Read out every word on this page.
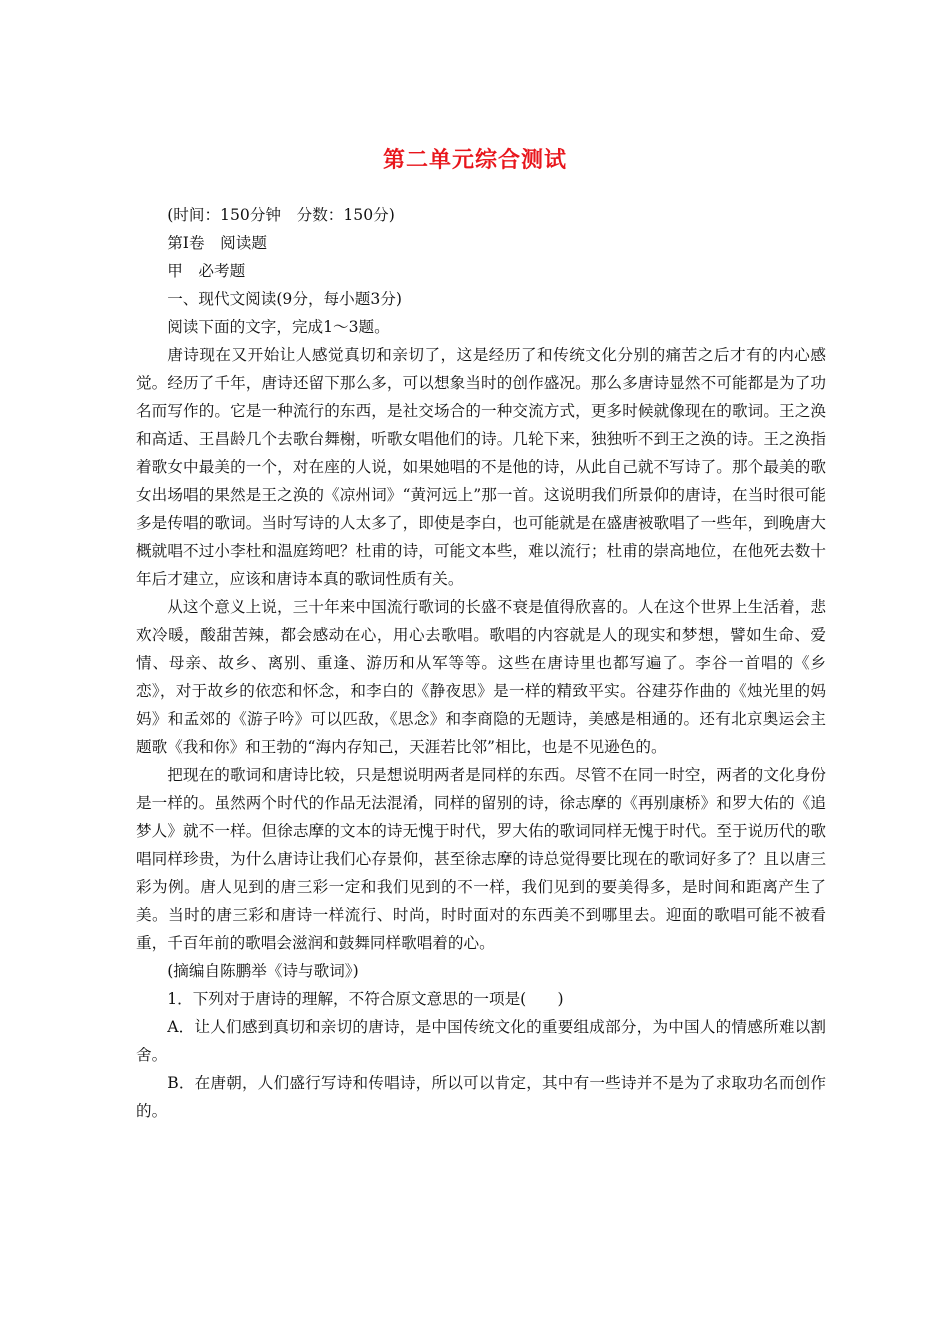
第二单元综合测试

(时间：150分钟 分数：150分)

第Ⅰ卷 阅读题

甲 必考题

一、现代文阅读(9分，每小题3分)

阅读下面的文字，完成1～3题。

唐诗现在又开始让人感觉真切和亲切了，这是经历了和传统文化分别的痛苦之后才有的内心感觉。经历了千年，唐诗还留下那么多，可以想象当时的创作盛况。那么多唐诗显然不可能都是为了功名而写作的。它是一种流行的东西，是社交场合的一种交流方式，更多时候就像现在的歌词。王之涣和高适、王昌龄几个去歌台舞榭，听歌女唱他们的诗。几轮下来，独独听不到王之涣的诗。王之涣指着歌女中最美的一个，对在座的人说，如果她唱的不是他的诗，从此自己就不写诗了。那个最美的歌女出场唱的果然是王之涣的《凉州词》“黄河远上”那一首。这说明我们所景仰的唐诗，在当时很可能多是传唱的歌词。当时写诗的人太多了，即使是李白，也可能就是在盛唐被歌唱了一些年，到晚唐大概就唱不过小李杜和温庭筠吧？杜甫的诗，可能文本些，难以流行；杜甫的崇高地位，在他死去数十年后才建立，应该和唐诗本真的歌词性质有关。

从这个意义上说，三十年来中国流行歌词的长盛不衰是值得欣喜的。人在这个世界上生活着，悲欢冷暖，酸甜苦辣，都会感动在心，用心去歌唱。歌唱的内容就是人的现实和梦想，譬如生命、爱情、母亲、故乡、离别、重逢、游历和从军等等。这些在唐诗里也都写遍了。李谷一首唱的《乡恋》，对于故乡的依恋和怀念，和李白的《静夜思》是一样的精致平实。谷建芬作曲的《烛光里的妈妈》和孟郊的《游子吟》可以匹敌，《思念》和李商隐的无题诗，美感是相通的。还有北京奥运会主题歌《我和你》和王勃的“海内存知己，天涯若比邻”相比，也是不见逊色的。

把现在的歌词和唐诗比较，只是想说明两者是同样的东西。尽管不在同一时空，两者的文化身份是一样的。虽然两个时代的作品无法混淆，同样的留别的诗，徐志摩的《再别康桥》和罗大佑的《追梦人》就不一样。但徐志摩的文本的诗无愧于时代，罗大佑的歌词同样无愧于时代。至于说历代的歌唱同样珍贵，为什么唐诗让我们心存景仰，甚至徐志摩的诗总觉得要比现在的歌词好多了？且以唐三彩为例。唐人见到的唐三彩一定和我们见到的不一样，我们见到的要美得多，是时间和距离产生了美。当时的唐三彩和唐诗一样流行、时尚，时时面对的东西美不到哪里去。迎面的歌唱可能不被看重，千百年前的歌唱会滋润和鼓舞同样歌唱着的心。

(摘编自陈鹏举《诗与歌词》)

1．下列对于唐诗的理解，不符合原文意思的一项是(　　)

A．让人们感到真切和亲切的唐诗，是中国传统文化的重要组成部分，为中国人的情感所难以割舍。

B．在唐朝，人们盛行写诗和传唱诗，所以可以肯定，其中有一些诗并不是为了求取功名而创作的。
